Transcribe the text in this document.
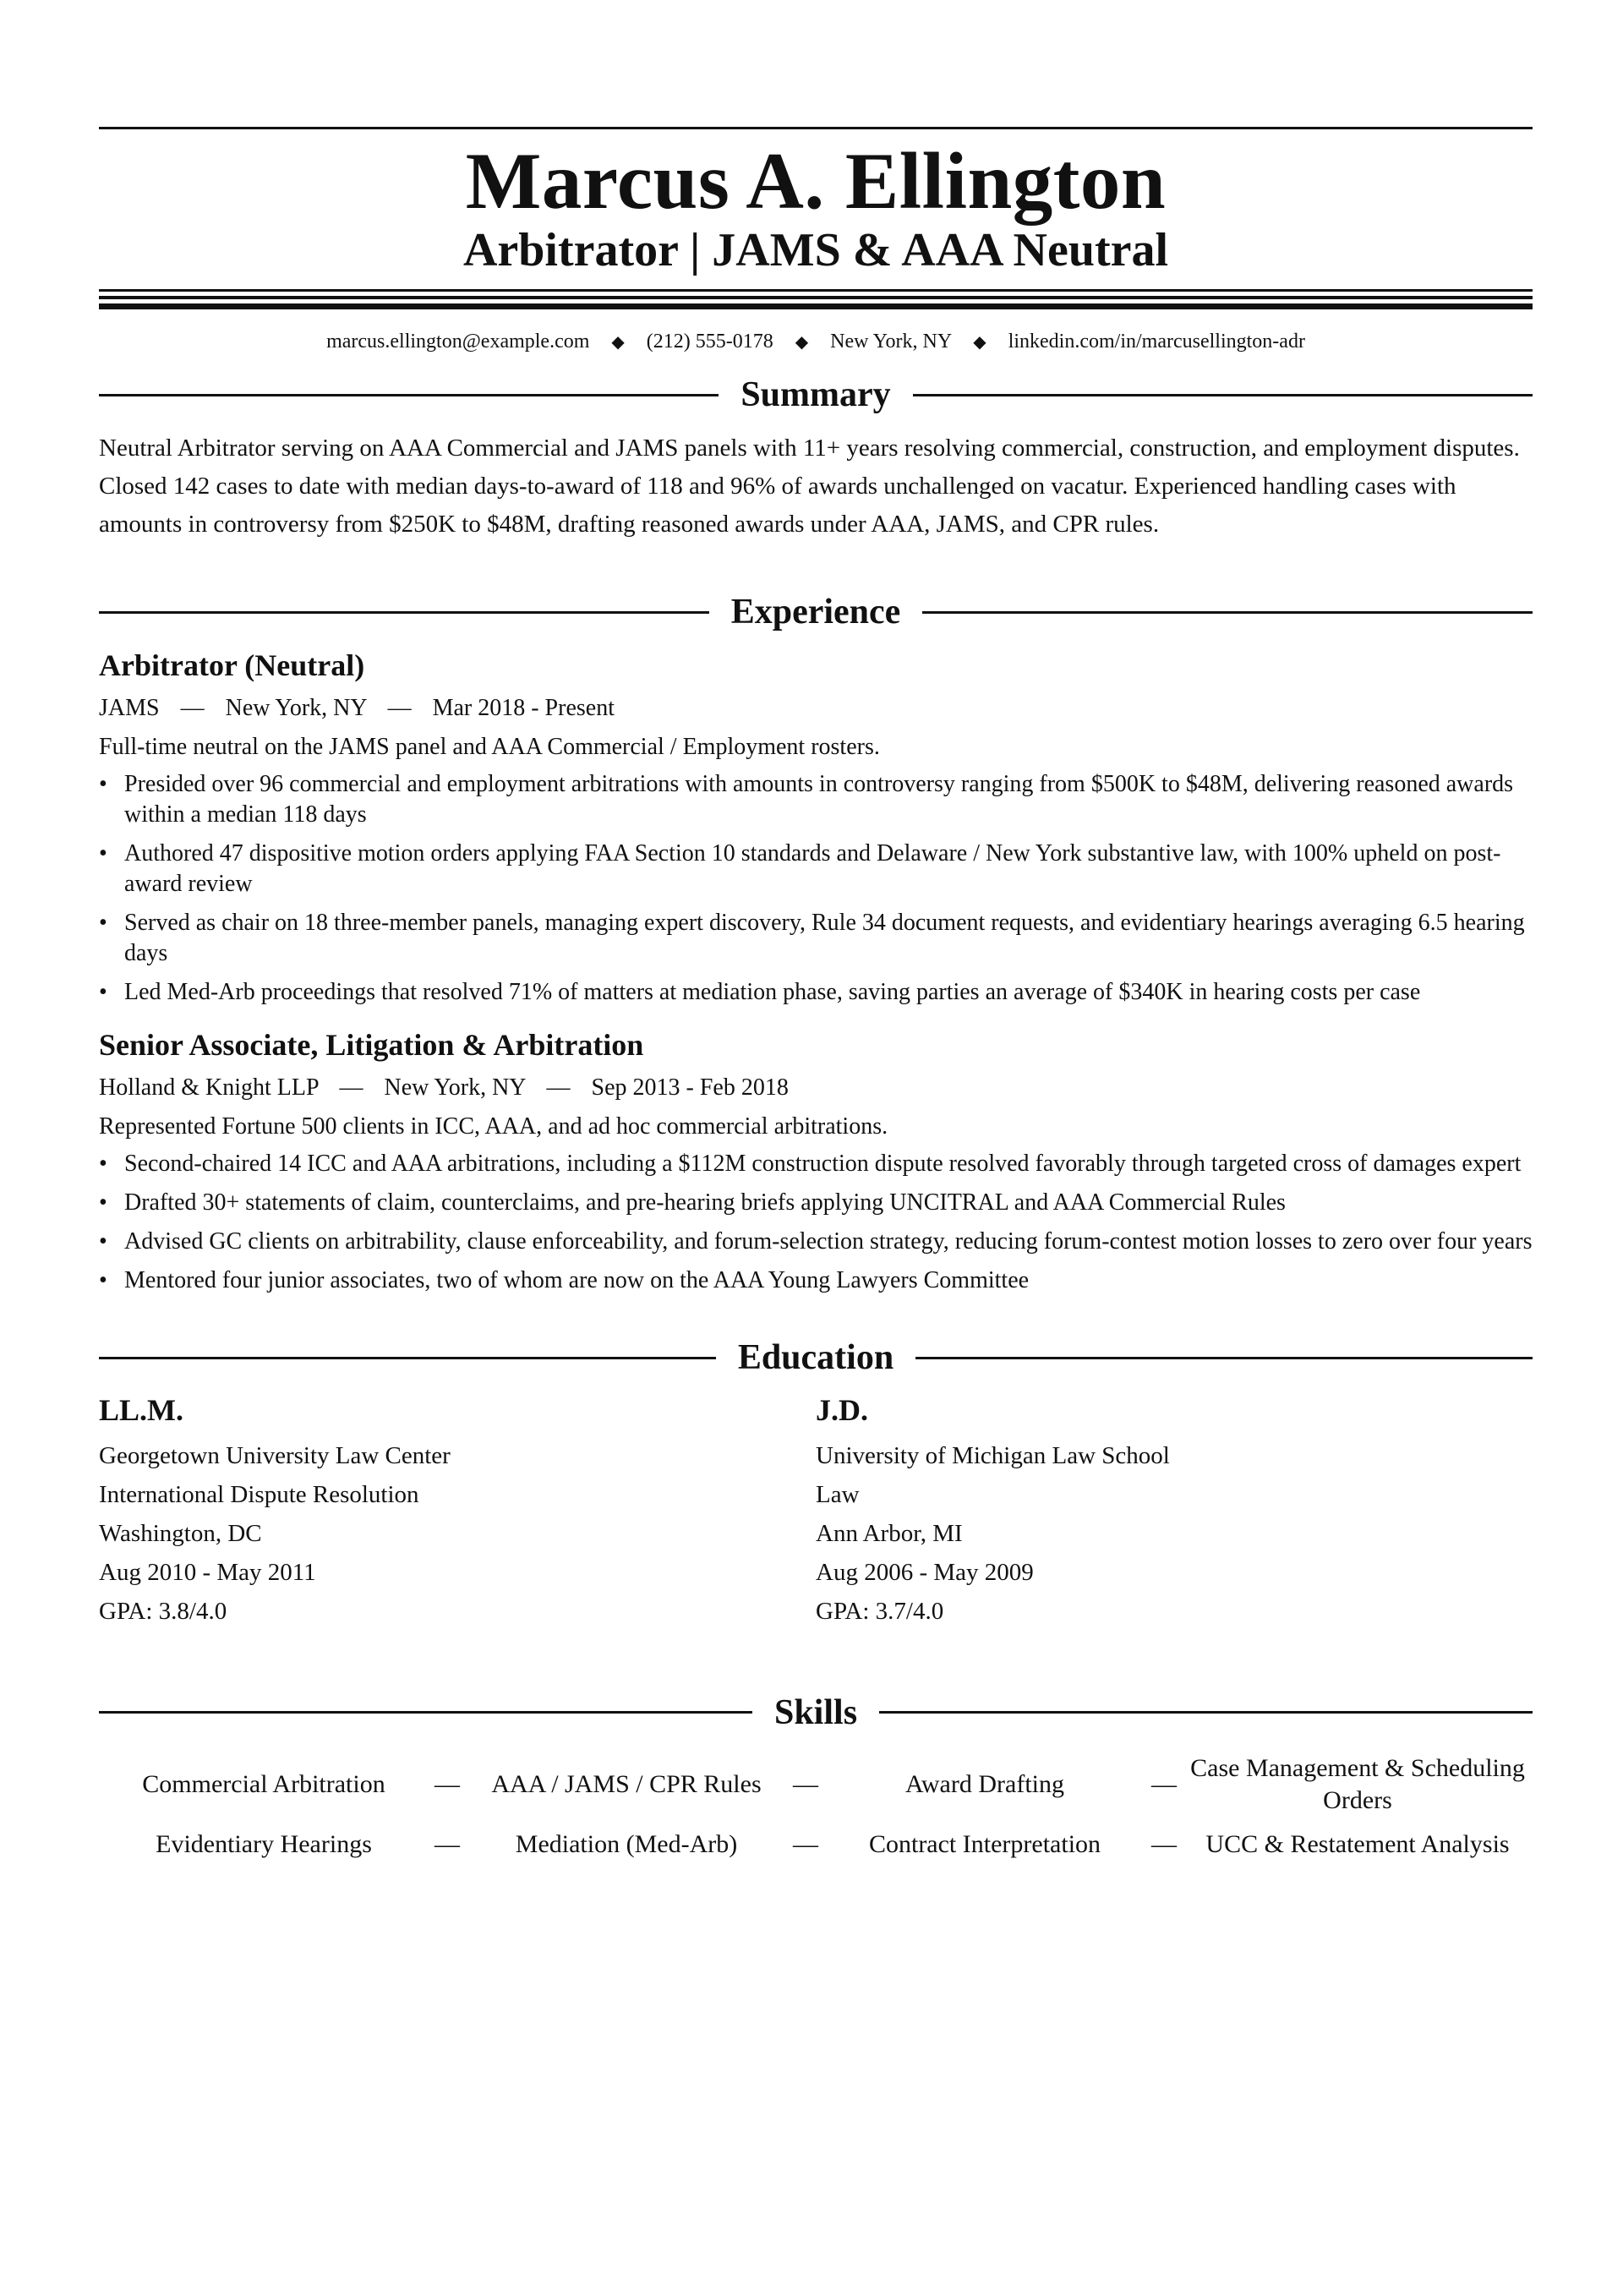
Marcus A. Ellington
Arbitrator | JAMS & AAA Neutral
marcus.ellington@example.com ◆ (212) 555-0178 ◆ New York, NY ◆ linkedin.com/in/marcusellington-adr
Summary

Neutral Arbitrator serving on AAA Commercial and JAMS panels with 11+ years resolving commercial, construction, and employment disputes. Closed 142 cases to date with median days-to-award of 118 and 96% of awards unchallenged on vacatur. Experienced handling cases with amounts in controversy from $250K to $48M, drafting reasoned awards under AAA, JAMS, and CPR rules.

Experience
Arbitrator (Neutral)
JAMS — New York, NY — Mar 2018 - Present
Full-time neutral on the JAMS panel and AAA Commercial / Employment rosters.
• Presided over 96 commercial and employment arbitrations with amounts in controversy ranging from $500K to $48M, delivering reasoned awards within a median 118 days
• Authored 47 dispositive motion orders applying FAA Section 10 standards and Delaware / New York substantive law, with 100% upheld on post-award review
• Served as chair on 18 three-member panels, managing expert discovery, Rule 34 document requests, and evidentiary hearings averaging 6.5 hearing days
• Led Med-Arb proceedings that resolved 71% of matters at mediation phase, saving parties an average of $340K in hearing costs per case
Senior Associate, Litigation & Arbitration
Holland & Knight LLP — New York, NY — Sep 2013 - Feb 2018
Represented Fortune 500 clients in ICC, AAA, and ad hoc commercial arbitrations.
• Second-chaired 14 ICC and AAA arbitrations, including a $112M construction dispute resolved favorably through targeted cross of damages expert
• Drafted 30+ statements of claim, counterclaims, and pre-hearing briefs applying UNCITRAL and AAA Commercial Rules
• Advised GC clients on arbitrability, clause enforceability, and forum-selection strategy, reducing forum-contest motion losses to zero over four years
• Mentored four junior associates, two of whom are now on the AAA Young Lawyers Committee
Education
LL.M.
Georgetown University Law Center
International Dispute Resolution
Washington, DC
Aug 2010 - May 2011
GPA: 3.8/4.0
J.D.
University of Michigan Law School
Law
Ann Arbor, MI
Aug 2006 - May 2009
GPA: 3.7/4.0
Skills
Commercial Arbitration	—	AAA / JAMS / CPR Rules	—	Award Drafting	—
Case Management & Scheduling Orders
Evidentiary Hearings	—	Mediation (Med-Arb)	—	Contract Interpretation	—	UCC & Restatement Analysis
